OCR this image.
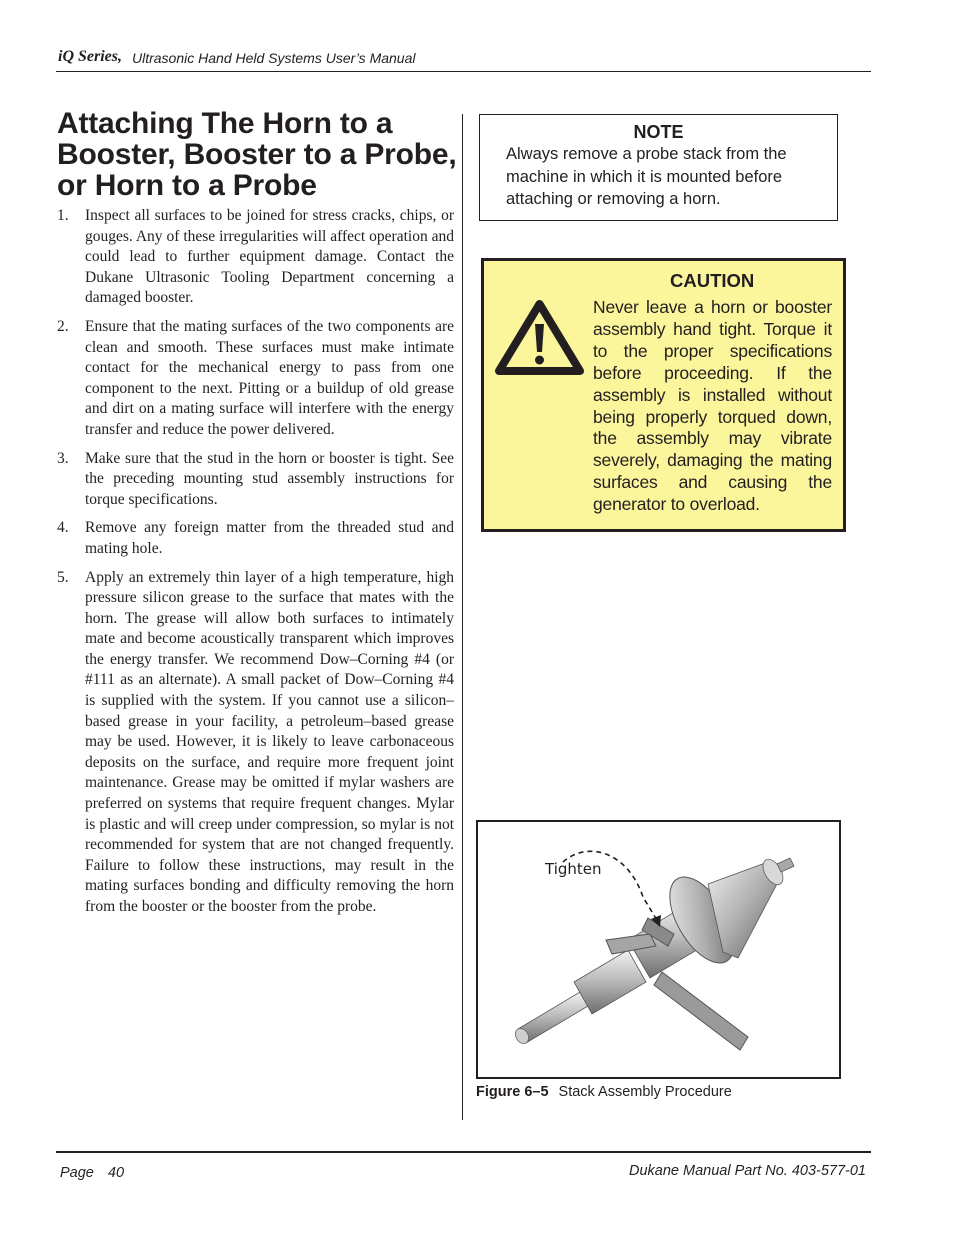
iQ Series, Ultrasonic Hand Held Systems User’s Manual
Attaching The Horn to a Booster, Booster to a Probe, or Horn to a Probe
1. Inspect all surfaces to be joined for stress cracks, chips, or gouges. Any of these irregularities will affect operation and could lead to further equipment damage. Contact the Dukane Ultrasonic Tooling Department concerning a damaged booster.
2. Ensure that the mating surfaces of the two components are clean and smooth. These surfaces must make intimate contact for the mechanical energy to pass from one component to the next. Pitting or a buildup of old grease and dirt on a mating surface will interfere with the energy transfer and reduce the power delivered.
3. Make sure that the stud in the horn or booster is tight. See the preceding mounting stud assembly instructions for torque specifications.
4. Remove any foreign matter from the threaded stud and mating hole.
5. Apply an extremely thin layer of a high temperature, high pressure silicon grease to the surface that mates with the horn. The grease will allow both surfaces to intimately mate and become acoustically transparent which improves the energy transfer. We recommend Dow–Corning #4 (or #111 as an alternate). A small packet of Dow–Corning #4 is supplied with the system. If you cannot use a silicon–based grease in your facility, a petroleum–based grease may be used. However, it is likely to leave carbonaceous deposits on the surface, and require more frequent joint maintenance. Grease may be omitted if mylar washers are preferred on systems that require frequent changes. Mylar is plastic and will creep under compression, so mylar is not recommended for system that are not changed frequently. Failure to follow these instructions, may result in the mating surfaces bonding and difficulty removing the horn from the booster or the booster from the probe.
NOTE
Always remove a probe stack from the machine in which it is mounted before attaching or removing a horn.
CAUTION
Never leave a horn or booster assembly hand tight. Torque it to the proper specifications before proceeding. If the assembly is installed without being properly torqued down, the assembly may vibrate severely, damaging the mating surfaces and causing the generator to overload.
Tighten
Figure 6–5 Stack Assembly Procedure
Page 40	Dukane Manual Part No. 403-577-01
